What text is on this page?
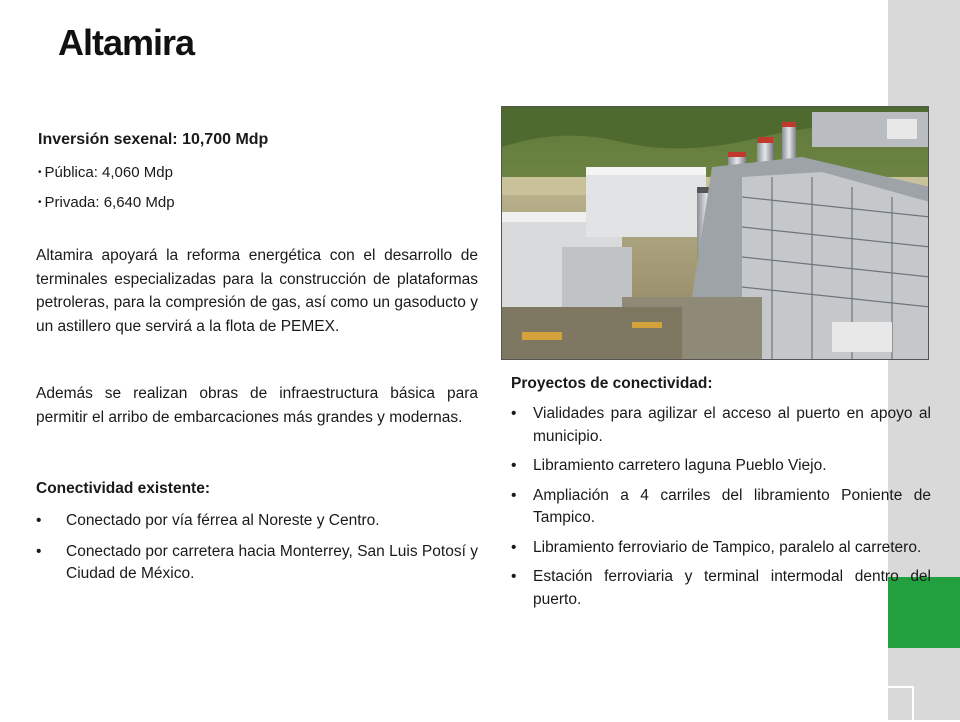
Altamira

Inversión sexenal: 10,700 Mdp

• Pública: 4,060 Mdp

• Privada: 6,640 Mdp

Altamira apoyará la reforma energética con el desarrollo de terminales especializadas para la construcción de plataformas petroleras, para la compresión de gas, así como un gasoducto y un astillero que servirá a la flota de PEMEX.

Además se realizan obras de infraestructura básica para permitir el arribo de embarcaciones más grandes y modernas.

Conectividad existente:

• Conectado por vía férrea al Noreste y Centro.
• Conectado por carretera hacia Monterrey, San Luis Potosí y Ciudad de México.

Proyectos de conectividad:

• Vialidades para agilizar el acceso al puerto en apoyo al municipio.
• Libramiento carretero laguna Pueblo Viejo.
• Ampliación a 4 carriles del libramiento Poniente de Tampico.
• Libramiento ferroviario de Tampico, paralelo al carretero.
• Estación ferroviaria y terminal intermodal dentro del puerto.
